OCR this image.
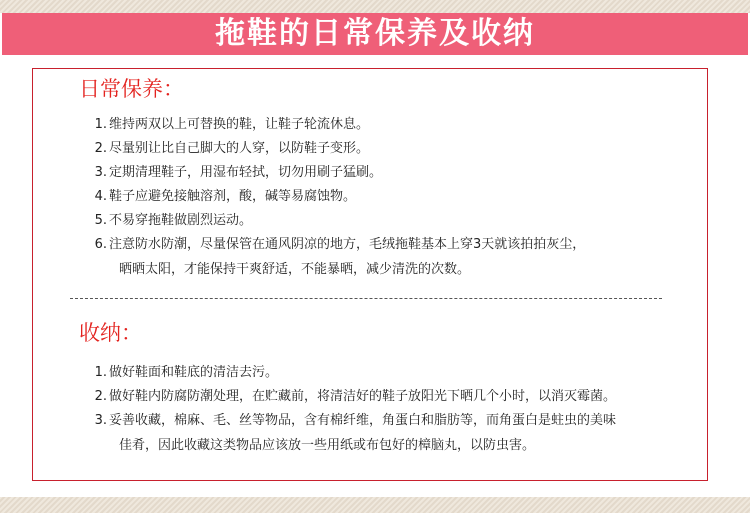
拖鞋的日常保养及收纳
日常保养：
1. 维持两双以上可替换的鞋，让鞋子轮流休息。
2. 尽量别让比自己脚大的人穿，以防鞋子变形。
3. 定期清理鞋子，用湿布轻拭，切勿用刷子猛刷。
4. 鞋子应避免接触溶剂，酸，碱等易腐蚀物。
5. 不易穿拖鞋做剧烈运动。
6. 注意防水防潮，尽量保管在通风阴凉的地方，毛绒拖鞋基本上穿3天就该拍拍灰尘，
晒晒太阳，才能保持干爽舒适，不能暴晒，减少清洗的次数。
收纳：
1. 做好鞋面和鞋底的清洁去污。
2. 做好鞋内防腐防潮处理，在贮藏前，将清洁好的鞋子放阳光下晒几个小时，以消灭霉菌。
3. 妥善收藏，棉麻、毛、丝等物品，含有棉纤维，角蛋白和脂肪等，而角蛋白是蛀虫的美味
佳肴，因此收藏这类物品应该放一些用纸或布包好的樟脑丸，以防虫害。
